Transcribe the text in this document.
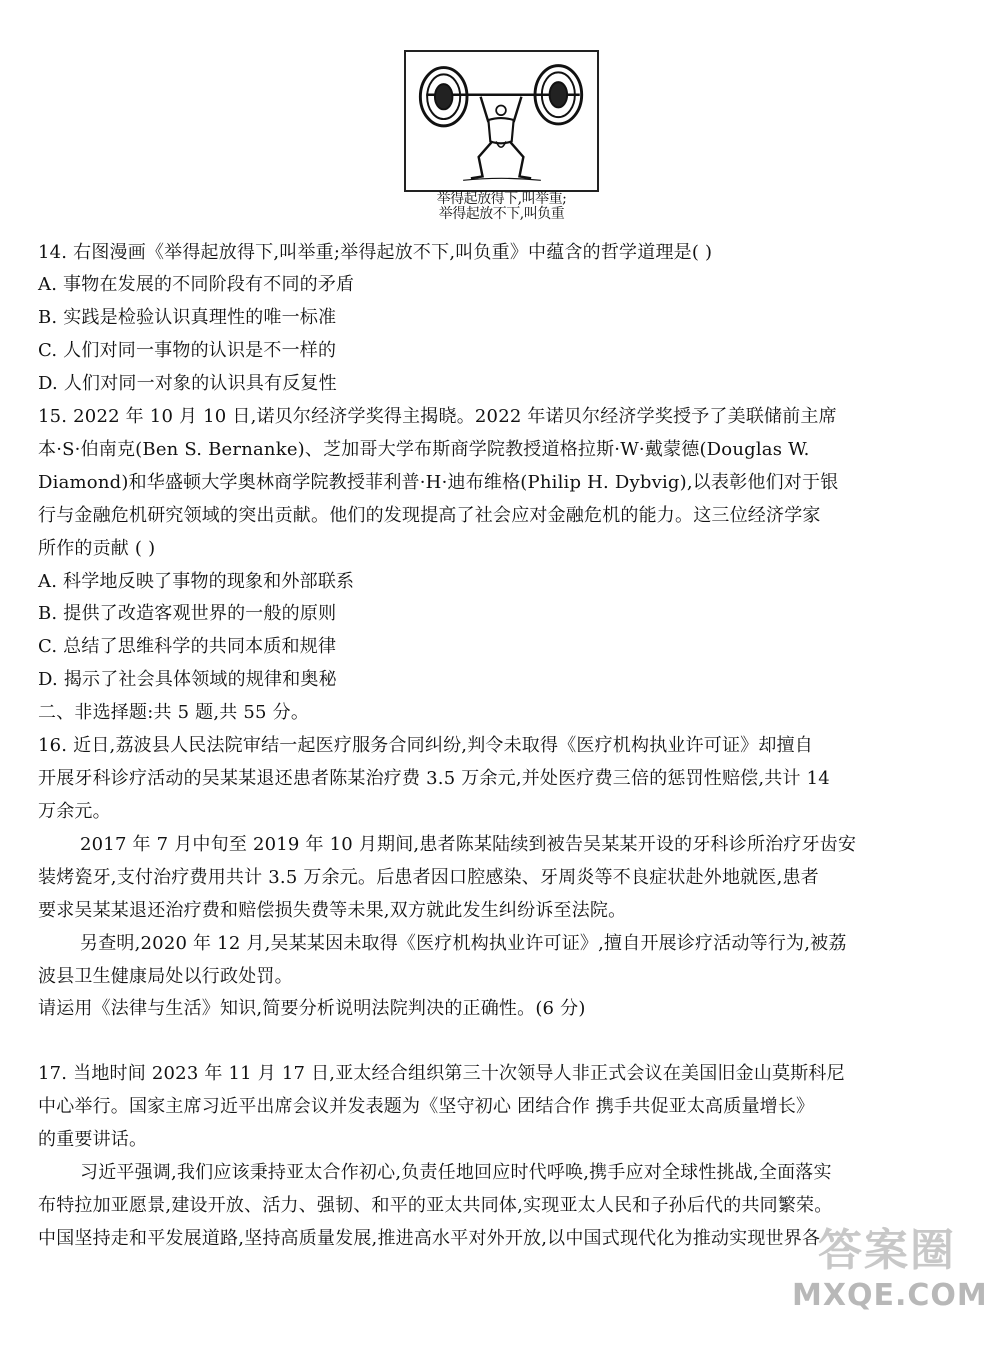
举得起放得下,叫举重;
举得起放不下,叫负重
14. 右图漫画《举得起放得下,叫举重;举得起放不下,叫负重》中蕴含的哲学道理是( )
A. 事物在发展的不同阶段有不同的矛盾
B. 实践是检验认识真理性的唯一标准
C. 人们对同一事物的认识是不一样的
D. 人们对同一对象的认识具有反复性
15. 2022 年 10 月 10 日,诺贝尔经济学奖得主揭晓。2022 年诺贝尔经济学奖授予了美联储前主席
本·S·伯南克(Ben S. Bernanke)、芝加哥大学布斯商学院教授道格拉斯·W·戴蒙德(Douglas W.
Diamond)和华盛顿大学奥林商学院教授菲利普·H·迪布维格(Philip H. Dybvig),以表彰他们对于银
行与金融危机研究领域的突出贡献。他们的发现提高了社会应对金融危机的能力。这三位经济学家
所作的贡献 ( )
A. 科学地反映了事物的现象和外部联系
B. 提供了改造客观世界的一般的原则
C. 总结了思维科学的共同本质和规律
D. 揭示了社会具体领域的规律和奥秘
二、非选择题:共 5 题,共 55 分。
16. 近日,荔波县人民法院审结一起医疗服务合同纠纷,判令未取得《医疗机构执业许可证》却擅自
开展牙科诊疗活动的吴某某退还患者陈某治疗费 3.5 万余元,并处医疗费三倍的惩罚性赔偿,共计 14
万余元。
2017 年 7 月中旬至 2019 年 10 月期间,患者陈某陆续到被告吴某某开设的牙科诊所治疗牙齿安
装烤瓷牙,支付治疗费用共计 3.5 万余元。后患者因口腔感染、牙周炎等不良症状赴外地就医,患者
要求吴某某退还治疗费和赔偿损失费等未果,双方就此发生纠纷诉至法院。
另查明,2020 年 12 月,吴某某因未取得《医疗机构执业许可证》,擅自开展诊疗活动等行为,被荔
波县卫生健康局处以行政处罚。
请运用《法律与生活》知识,简要分析说明法院判决的正确性。(6 分)
17. 当地时间 2023 年 11 月 17 日,亚太经合组织第三十次领导人非正式会议在美国旧金山莫斯科尼
中心举行。国家主席习近平出席会议并发表题为《坚守初心 团结合作 携手共促亚太高质量增长》
的重要讲话。
习近平强调,我们应该秉持亚太合作初心,负责任地回应时代呼唤,携手应对全球性挑战,全面落实
布特拉加亚愿景,建设开放、活力、强韧、和平的亚太共同体,实现亚太人民和子孙后代的共同繁荣。
中国坚持走和平发展道路,坚持高质量发展,推进高水平对外开放,以中国式现代化为推动实现世界各
答案圈
MXQE.COM
